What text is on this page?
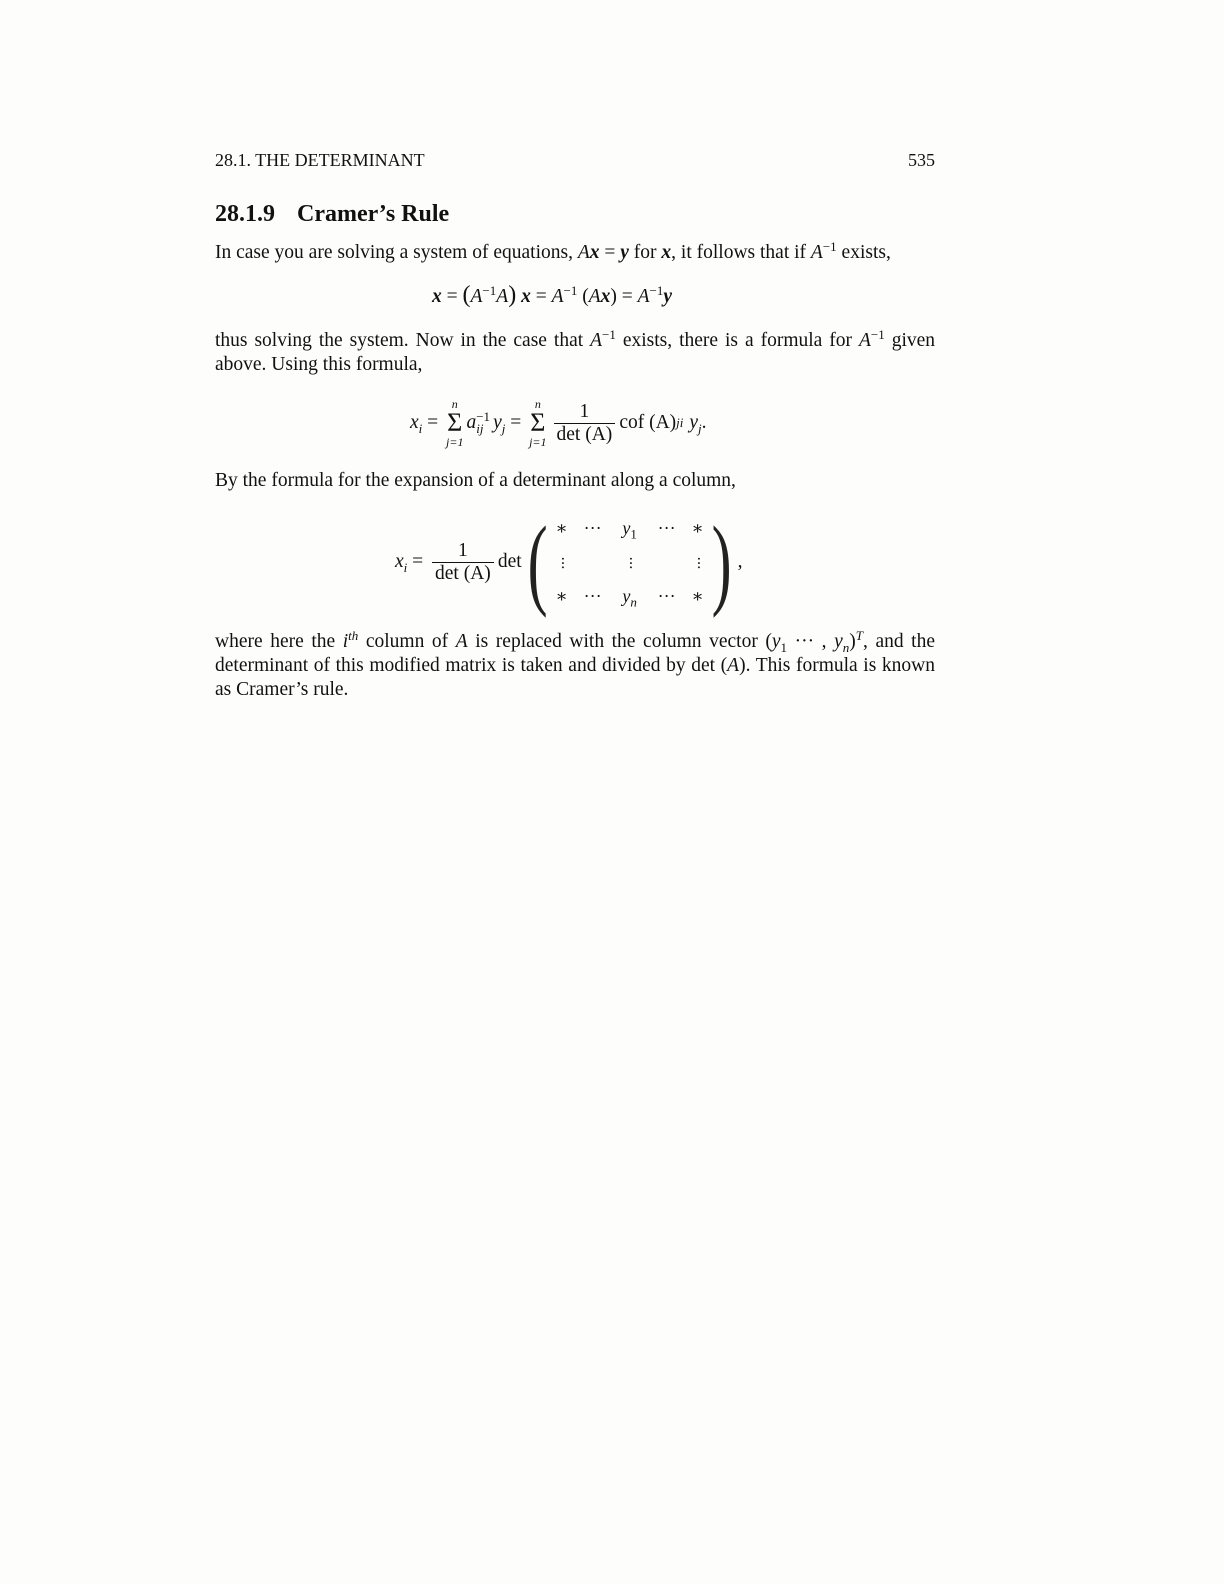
28.1. THE DETERMINANT	535
28.1.9 Cramer’s Rule
In case you are solving a system of equations, Ax = y for x, it follows that if $A^{-1}$ exists,
$x = (A^{-1}A) x = A^{-1}$ $(Ax) = A^{-1}y$
thus solving the system. Now in the case that $A^{-1}$ exists, there is a formula for $A^{-1}$ given above. Using this formula,
$x_i$ =
n
Σ
j=1
a −1
ij $y_j$ =
n
Σ
$j=1 \frac{1}{\det (A)}$ cof (A) ji $y_j$ .
By the formula for the expansion of a determinant along a column,
$x_i = \frac{1}{\det (A)}$ det ( ∗ ··· $y_1$ ··· ∗
···	···	···
∗ ··· $y_n$ ··· ∗ ) ,
where here the $i^{th}$ column of A is replaced with the column vector ($y_1$ ··· , $y_n)^T$, and the determinant of this modified matrix is taken and divided by det (A). This formula is known as Cramer’s rule.
